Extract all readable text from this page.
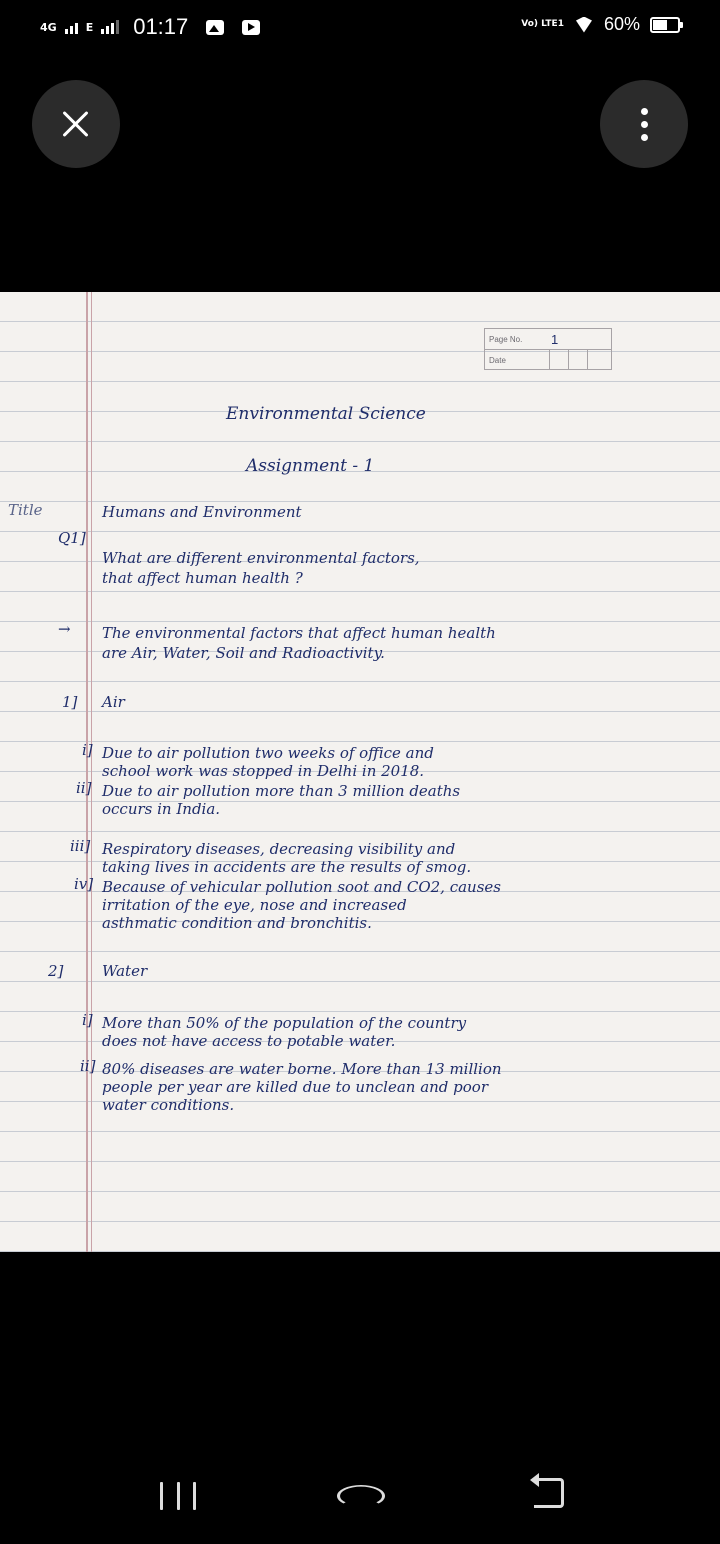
4G	E 01:17	Vo) LTE1 60%
Page No.	1
Date
Environmental Science
Assignment - 1
Title	Humans and Environment
Q1]
What are different environmental factors,
that affect human health ?
→ The environmental factors that affect human health
are Air, Water, Soil and Radioactivity.
1] Air
i] Due to air pollution two weeks of office and
school work was stopped in Delhi in 2018.
ii] Due to air pollution more than 3 million deaths
occurs in India.
iii] Respiratory diseases, decreasing visibility and
taking lives in accidents are the results of smog.
iv] Because of vehicular pollution soot and CO2, causes
irritation of the eye, nose and increased
asthmatic condition and bronchitis.
2]	Water
i] More than 50% of the population of the country
does not have access to potable water.
ii] 80% diseases are water borne. More than 13 million
people per year are killed due to unclean and poor
water conditions.
